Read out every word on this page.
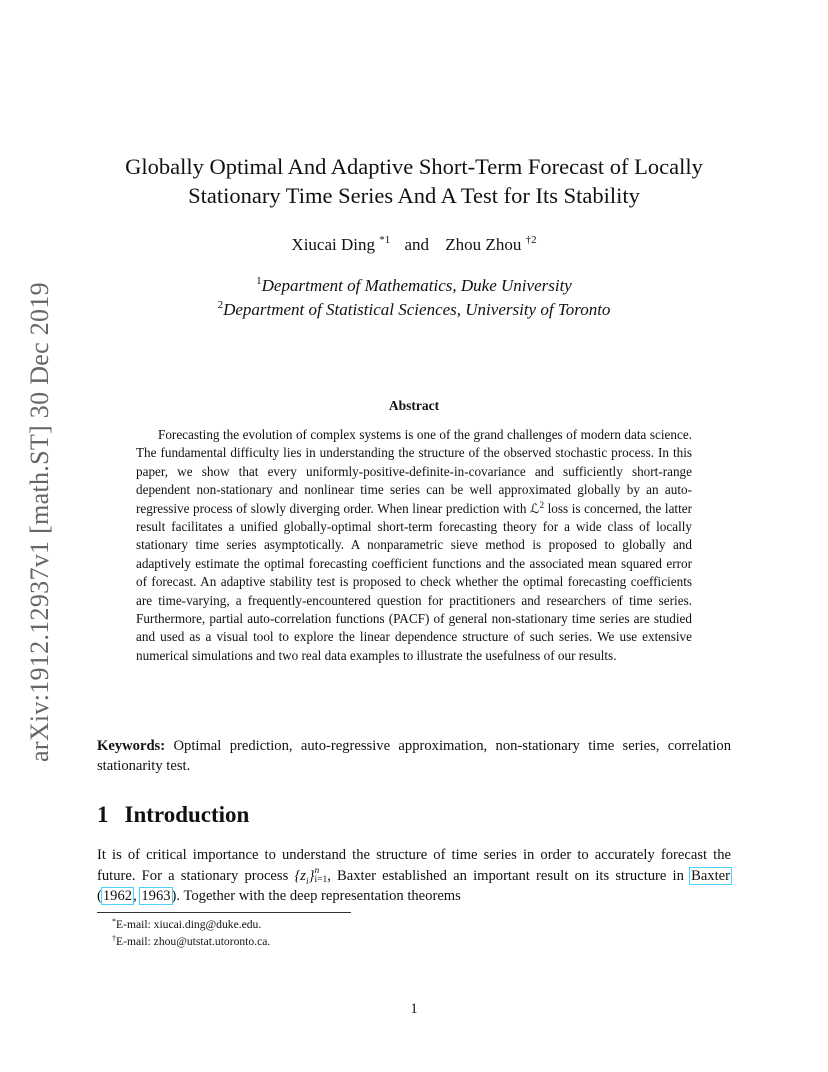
arXiv:1912.12937v1 [math.ST] 30 Dec 2019
Globally Optimal And Adaptive Short-Term Forecast of Locally
Stationary Time Series And A Test for Its Stability
Xiucai Ding $^{*1}$ and Zhou Zhou $^{\dagger 2}$
$^1$Department of Mathematics, Duke University
$^2$Department of Statistical Sciences, University of Toronto
Abstract
Forecasting the evolution of complex systems is one of the grand challenges of modern data science. The fundamental difficulty lies in understanding the structure of the observed stochastic process. In this paper, we show that every uniformly-positive-definite-in-covariance and sufficiently short-range dependent non-stationary and nonlinear time series can be well approximated globally by an auto-regressive process of slowly diverging order. When linear prediction with ℒ$^2$ loss is concerned, the latter result facilitates a unified globally-optimal short-term forecasting theory for a wide class of locally stationary time series asymptotically. A nonparametric sieve method is proposed to globally and adaptively estimate the optimal forecasting coefficient functions and the associated mean squared error of forecast. An adaptive stability test is proposed to check whether the optimal forecasting coefficients are time-varying, a frequently-encountered question for practitioners and researchers of time series. Furthermore, partial auto-correlation functions (PACF) of general non-stationary time series are studied and used as a visual tool to explore the linear dependence structure of such series. We use extensive numerical simulations and two real data examples to illustrate the usefulness of our results.
Keywords: Optimal prediction, auto-regressive approximation, non-stationary time series, correlation stationarity test.
1 Introduction
It is of critical importance to understand the structure of time series in order to accurately forecast the future. For a stationary process $\{z_i\}$ n
i=1 , Baxter established an important result on its structure in Baxter (1962, 1963). Together with the deep representation theorems
*E-mail: xiucai.ding@duke.edu.
†E-mail: zhou@utstat.utoronto.ca.
1
